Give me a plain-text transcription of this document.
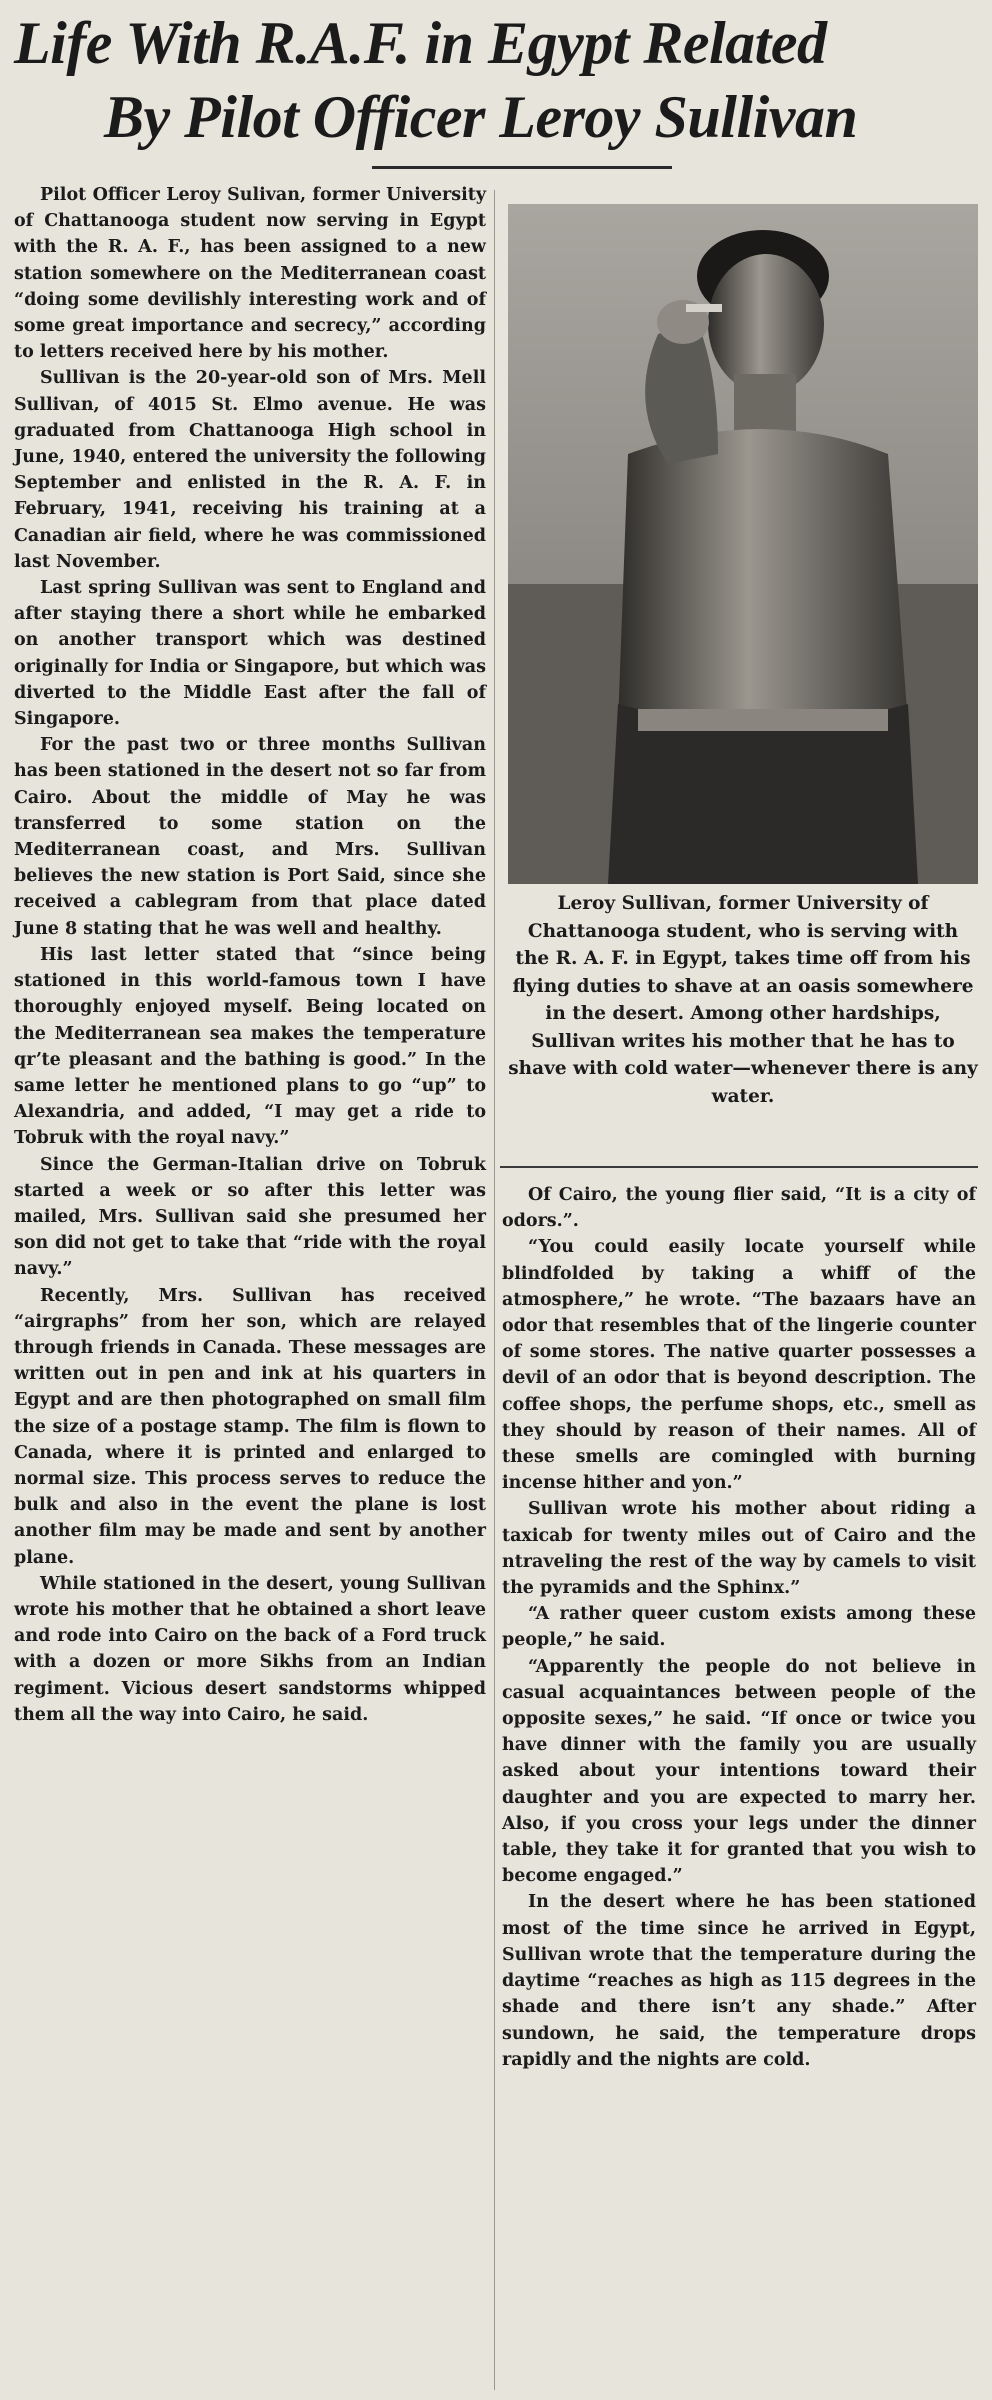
Life With R.A.F. in Egypt Related
By Pilot Officer Leroy Sullivan

Pilot Officer Leroy Sulivan, former University of Chattanooga student now serving in Egypt with the R. A. F., has been assigned to a new station somewhere on the Mediterranean coast “doing some devilishly interesting work and of some great importance and secrecy,” according to letters received here by his mother.

Sullivan is the 20-year-old son of Mrs. Mell Sullivan, of 4015 St. Elmo avenue. He was graduated from Chattanooga High school in June, 1940, entered the university the following September and enlisted in the R. A. F. in February, 1941, receiving his training at a Canadian air field, where he was commissioned last November.

Last spring Sullivan was sent to England and after staying there a short while he embarked on another transport which was destined originally for India or Singapore, but which was diverted to the Middle East after the fall of Singapore.

For the past two or three months Sullivan has been stationed in the desert not so far from Cairo. About the middle of May he was transferred to some station on the Mediterranean coast, and Mrs. Sullivan believes the new station is Port Said, since she received a cablegram from that place dated June 8 stating that he was well and healthy.

His last letter stated that “since being stationed in this world-famous town I have thoroughly enjoyed myself. Being located on the Mediterranean sea makes the temperature qrʼte pleasant and the bathing is good.” In the same letter he mentioned plans to go “up” to Alexandria, and added, “I may get a ride to Tobruk with the royal navy.”

Since the German-Italian drive on Tobruk started a week or so after this letter was mailed, Mrs. Sullivan said she presumed her son did not get to take that “ride with the royal navy.”

Recently, Mrs. Sullivan has received “airgraphs” from her son, which are relayed through friends in Canada. These messages are written out in pen and ink at his quarters in Egypt and are then photographed on small film the size of a postage stamp. The film is flown to Canada, where it is printed and enlarged to normal size. This process serves to reduce the bulk and also in the event the plane is lost another film may be made and sent by another plane.

While stationed in the desert, young Sullivan wrote his mother that he obtained a short leave and rode into Cairo on the back of a Ford truck with a dozen or more Sikhs from an Indian regiment. Vicious desert sandstorms whipped them all the way into Cairo, he said.

Leroy Sullivan, former University of Chattanooga student, who is serving with the R. A. F. in Egypt, takes time off from his flying duties to shave at an oasis somewhere in the desert. Among other hardships, Sullivan writes his mother that he has to shave with cold water—whenever there is any water.

Of Cairo, the young flier said, “It is a city of odors.”.

“You could easily locate yourself while blindfolded by taking a whiff of the atmosphere,” he wrote. “The bazaars have an odor that resembles that of the lingerie counter of some stores. The native quarter possesses a devil of an odor that is beyond description. The coffee shops, the perfume shops, etc., smell as they should by reason of their names. All of these smells are comingled with burning incense hither and yon.”

Sullivan wrote his mother about riding a taxicab for twenty miles out of Cairo and the ntraveling the rest of the way by camels to visit the pyramids and the Sphinx.”

“A rather queer custom exists among these people,” he said.

“Apparently the people do not believe in casual acquaintances between people of the opposite sexes,” he said. “If once or twice you have dinner with the family you are usually asked about your intentions toward their daughter and you are expected to marry her. Also, if you cross your legs under the dinner table, they take it for granted that you wish to become engaged.”

In the desert where he has been stationed most of the time since he arrived in Egypt, Sullivan wrote that the temperature during the daytime “reaches as high as 115 degrees in the shade and there isn’t any shade.” After sundown, he said, the temperature drops rapidly and the nights are cold.
